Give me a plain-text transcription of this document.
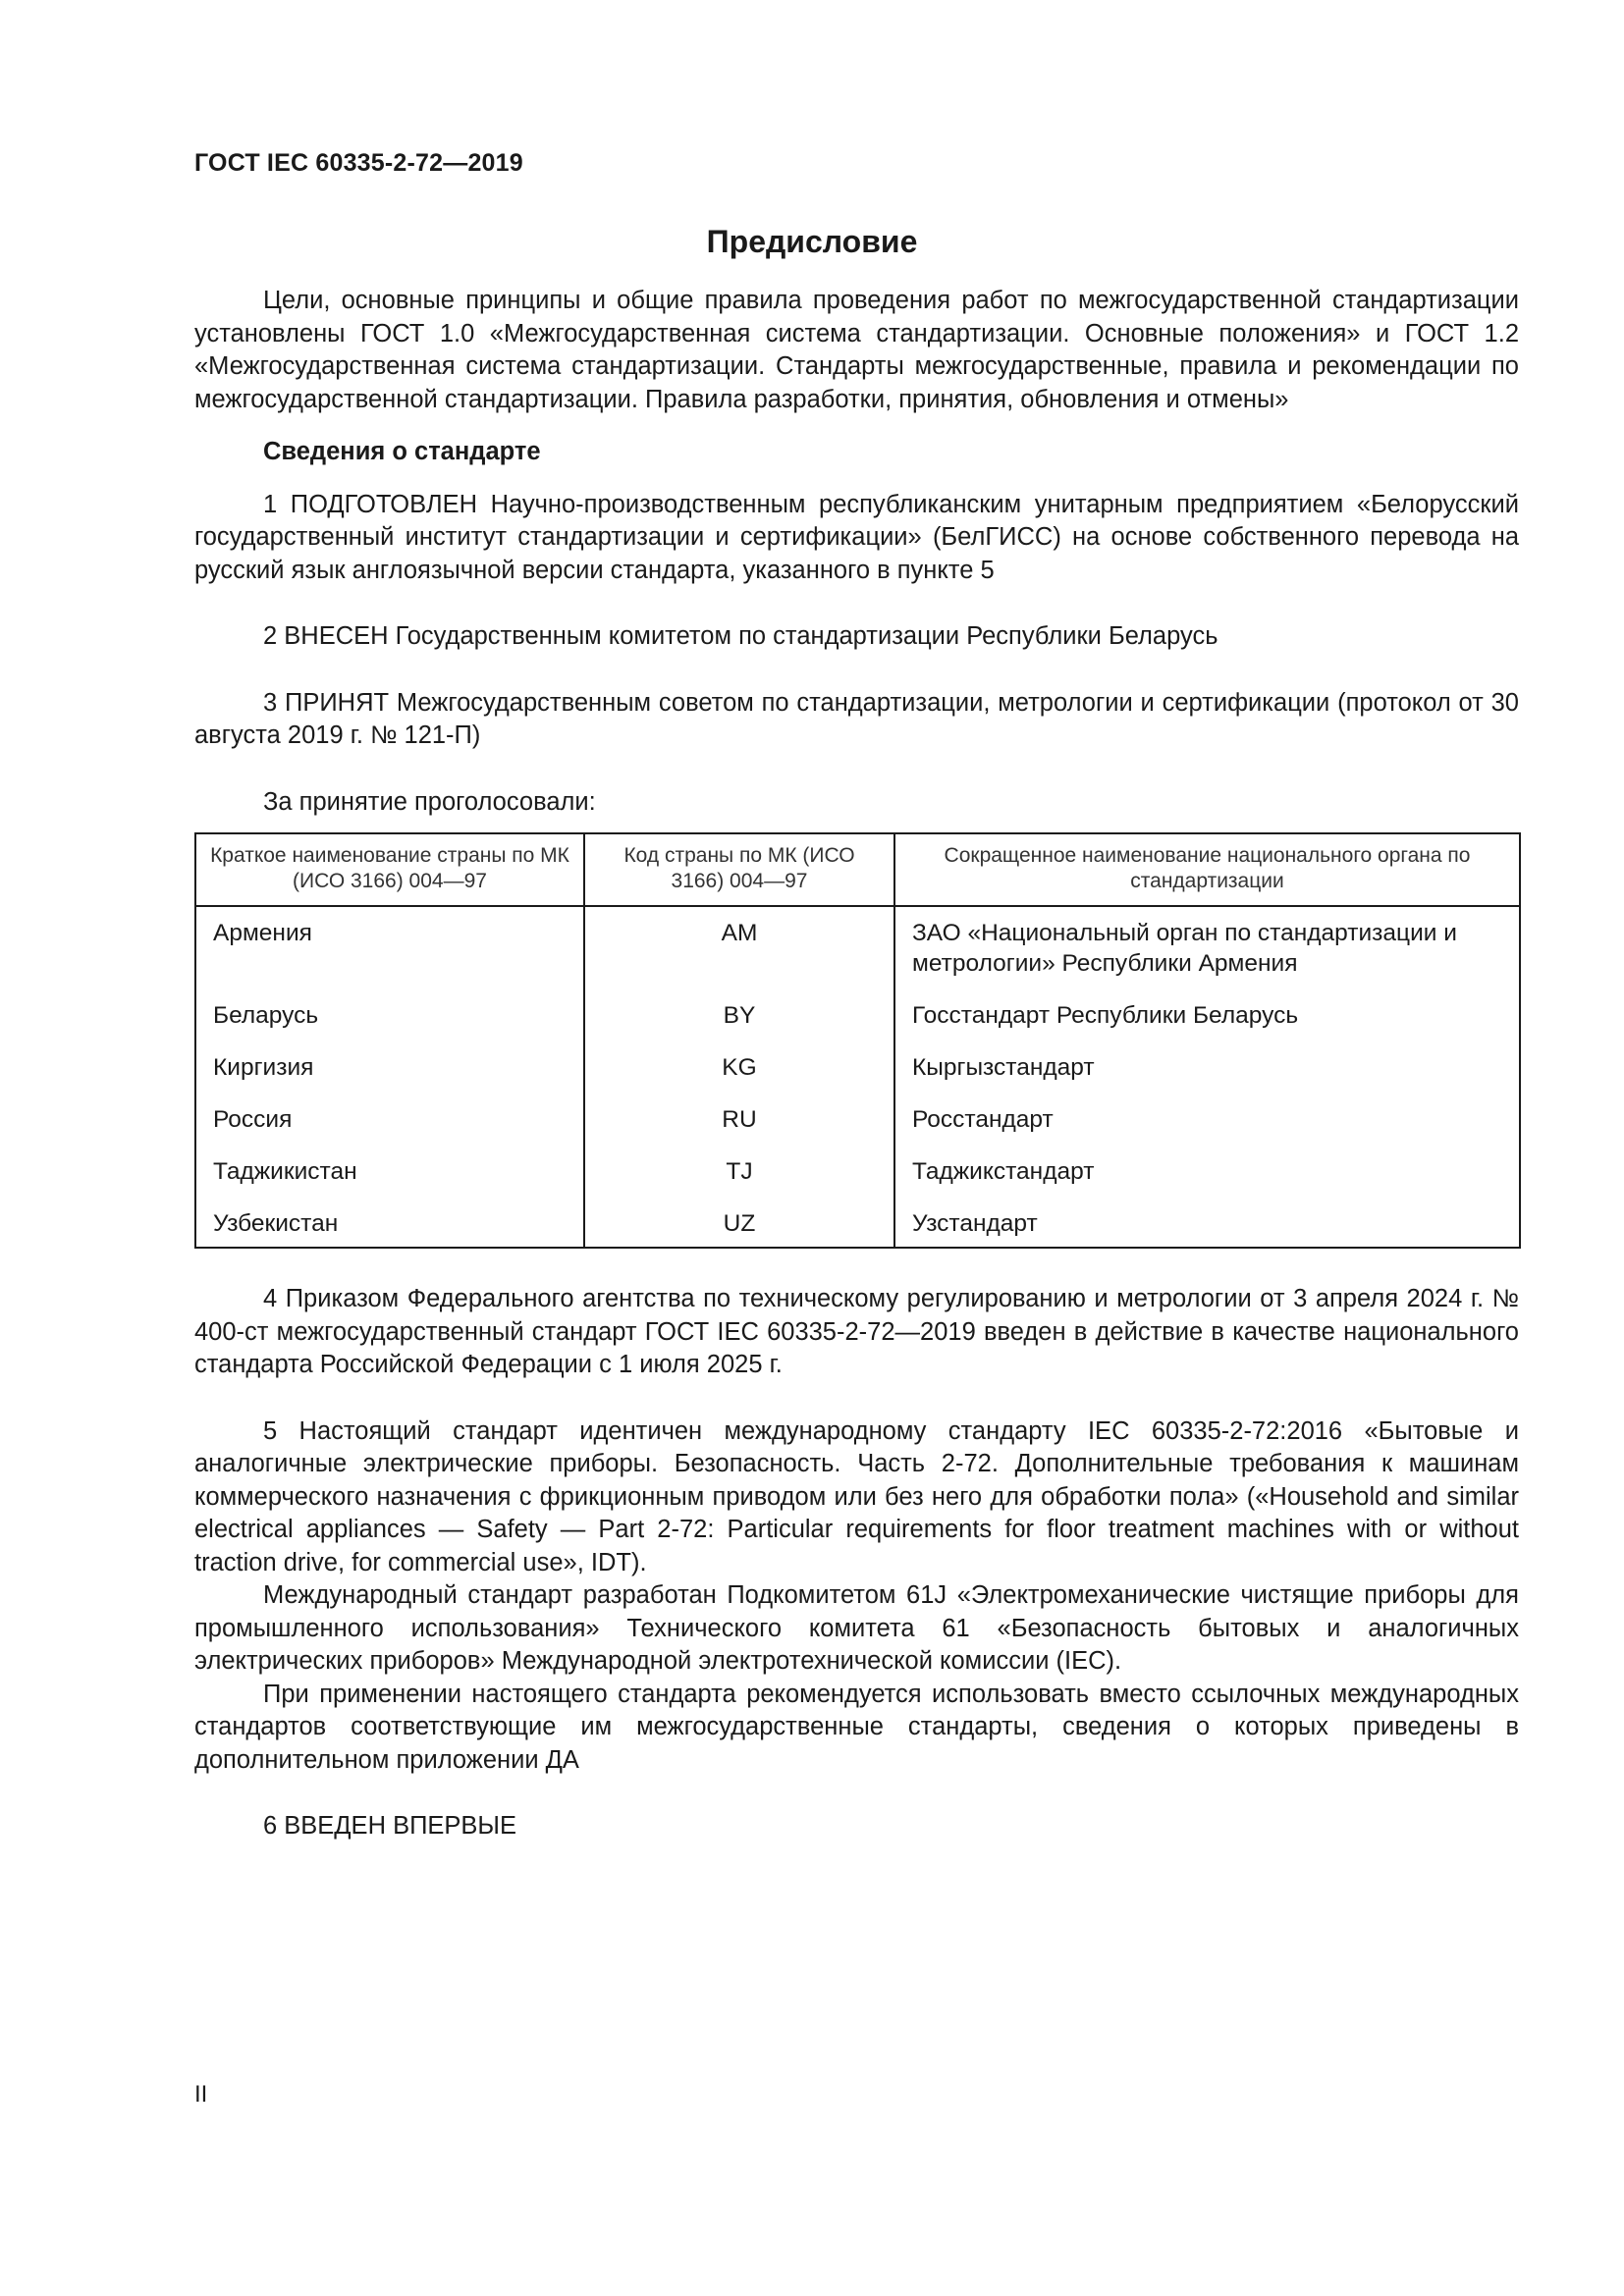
ГОСТ IEC 60335-2-72—2019
Предисловие

Цели, основные принципы и общие правила проведения работ по межгосударственной стандартизации установлены ГОСТ 1.0 «Межгосударственная система стандартизации. Основные положения» и ГОСТ 1.2 «Межгосударственная система стандартизации. Стандарты межгосударственные, правила и рекомендации по межгосударственной стандартизации. Правила разработки, принятия, обновления и отмены»

Сведения о стандарте

1 ПОДГОТОВЛЕН Научно-производственным республиканским унитарным предприятием «Белорусский государственный институт стандартизации и сертификации» (БелГИСС) на основе собственного перевода на русский язык англоязычной версии стандарта, указанного в пункте 5

2 ВНЕСЕН Государственным комитетом по стандартизации Республики Беларусь

3 ПРИНЯТ Межгосударственным советом по стандартизации, метрологии и сертификации (протокол от 30 августа 2019 г. № 121-П)

За принятие проголосовали:

Краткое наименование страны по МК (ИСО 3166) 004—97	Код страны по МК (ИСО 3166) 004—97	Сокращенное наименование национального органа по стандартизации
Армения	AM	ЗАО «Национальный орган по стандартизации и метрологии» Республики Армения
Беларусь	BY	Госстандарт Республики Беларусь
Киргизия	KG	Кыргызстандарт
Россия	RU	Росстандарт
Таджикистан	TJ	Таджикстандарт
Узбекистан	UZ	Узстандарт

4 Приказом Федерального агентства по техническому регулированию и метрологии от 3 апреля 2024 г. № 400-ст межгосударственный стандарт ГОСТ IEC 60335-2-72—2019 введен в действие в качестве национального стандарта Российской Федерации с 1 июля 2025 г.

5 Настоящий стандарт идентичен международному стандарту IEC 60335-2-72:2016 «Бытовые и аналогичные электрические приборы. Безопасность. Часть 2-72. Дополнительные требования к машинам коммерческого назначения с фрикционным приводом или без него для обработки пола» («Household and similar electrical appliances — Safety — Part 2-72: Particular requirements for floor treatment machines with or without traction drive, for commercial use», IDT).

Международный стандарт разработан Подкомитетом 61J «Электромеханические чистящие приборы для промышленного использования» Технического комитета 61 «Безопасность бытовых и аналогичных электрических приборов» Международной электротехнической комиссии (IEC).

При применении настоящего стандарта рекомендуется использовать вместо ссылочных международных стандартов соответствующие им межгосударственные стандарты, сведения о которых приведены в дополнительном приложении ДА

6 ВВЕДЕН ВПЕРВЫЕ

II
